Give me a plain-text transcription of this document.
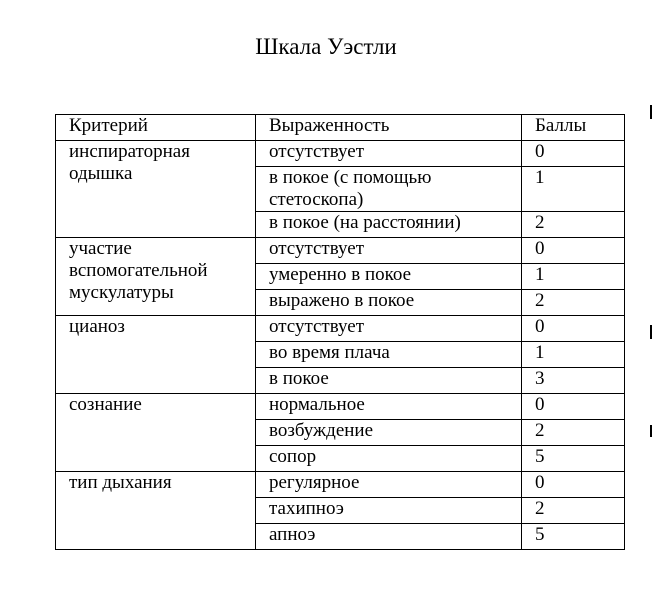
Шкала Уэстли
Критерий	Выраженность	Баллы
инспираторная одышка	отсутствует	0
	в покое (с помощью стетоскопа)	1
	в покое (на расстоянии)	2
участие вспомогательной мускулатуры	отсутствует	0
	умеренно в покое	1
	выражено в покое	2
цианоз	отсутствует	0
	во время плача	1
	в покое	3
сознание	нормальное	0
	возбуждение	2
	сопор	5
тип дыхания	регулярное	0
	тахипноэ	2
	апноэ	5
